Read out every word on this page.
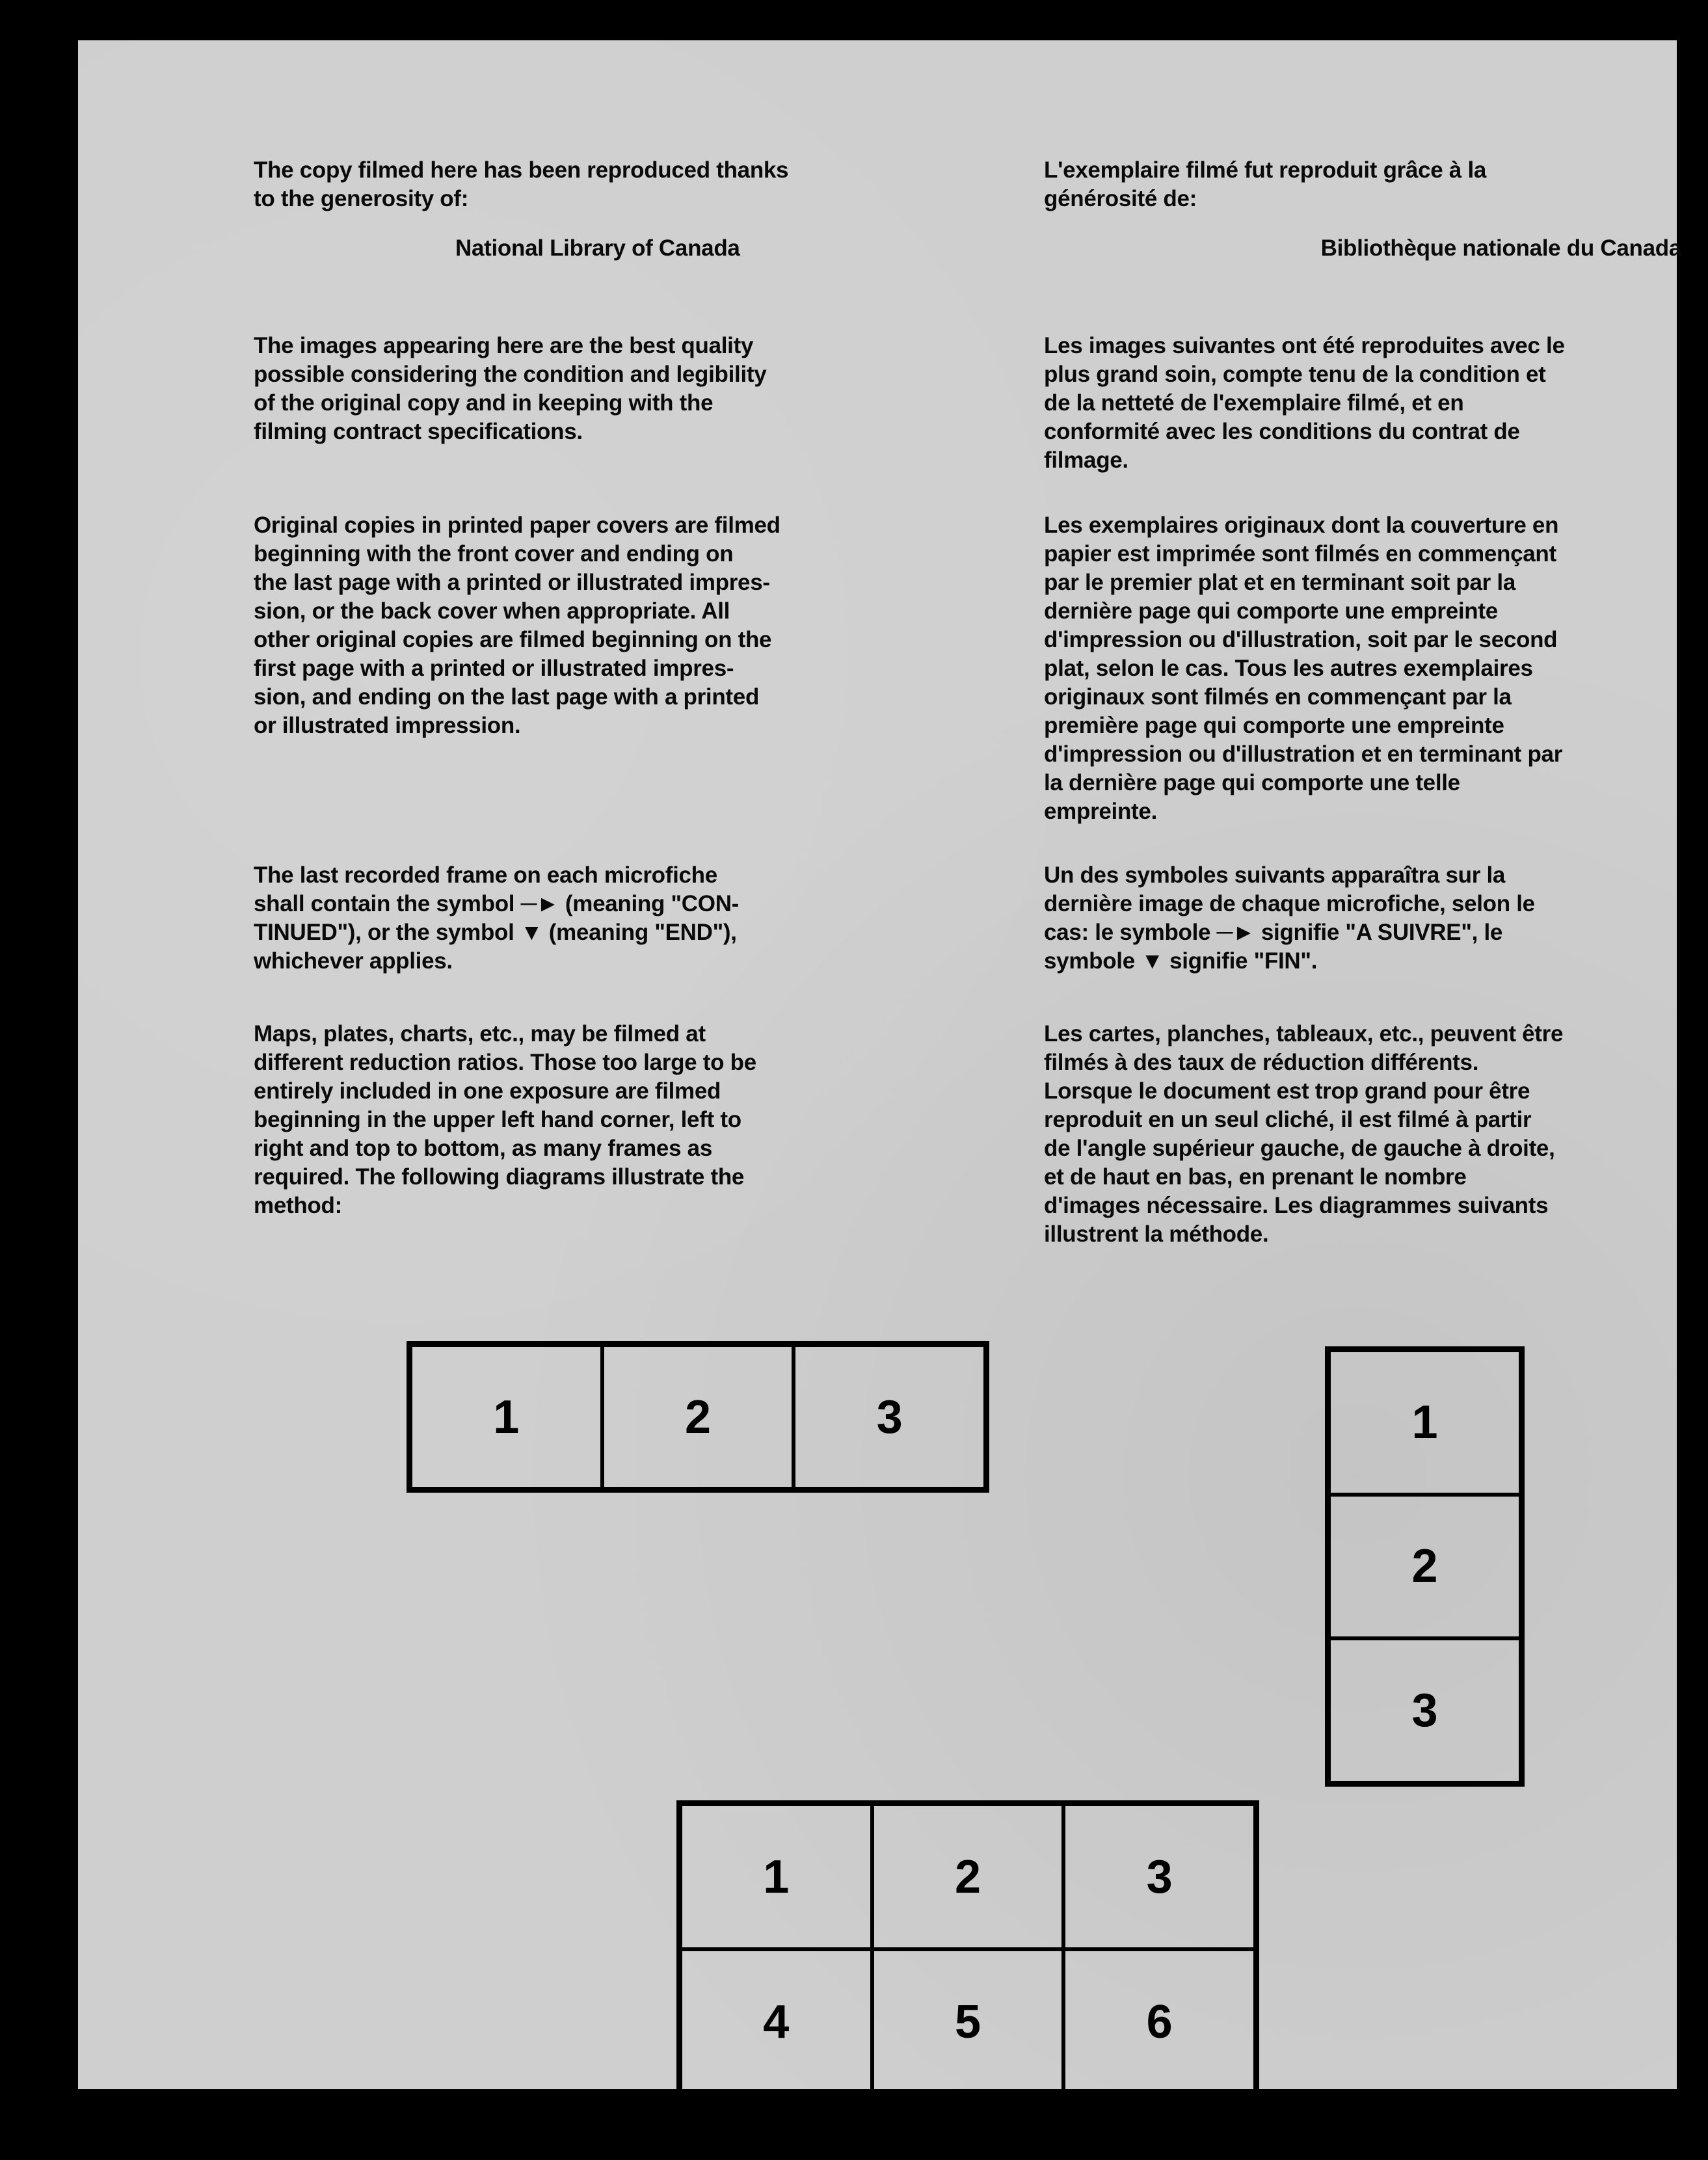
The copy filmed here has been reproduced thanks

to the generosity of:

National Library of Canada

The images appearing here are the best quality
possible considering the condition and legibility
of the original copy and in keeping with the
filming contract specifications.

Original copies in printed paper covers are filmed
beginning with the front cover and ending on
the last page with a printed or illustrated impres-
sion, or the back cover when appropriate. All
other original copies are filmed beginning on the
first page with a printed or illustrated impres-
sion, and ending on the last page with a printed
or illustrated impression.

The last recorded frame on each microfiche
shall contain the symbol ─► (meaning "CON-
TINUED"), or the symbol ▼ (meaning "END"),
whichever applies.

Maps, plates, charts, etc., may be filmed at
different reduction ratios. Those too large to be
entirely included in one exposure are filmed
beginning in the upper left hand corner, left to
right and top to bottom, as many frames as
required. The following diagrams illustrate the
method:

L'exemplaire filmé fut reproduit grâce à la

générosité de:

Bibliothèque nationale du Canada

Les images suivantes ont été reproduites avec le
plus grand soin, compte tenu de la condition et
de la netteté de l'exemplaire filmé, et en
conformité avec les conditions du contrat de
filmage.

Les exemplaires originaux dont la couverture en
papier est imprimée sont filmés en commençant
par le premier plat et en terminant soit par la
dernière page qui comporte une empreinte
d'impression ou d'illustration, soit par le second
plat, selon le cas. Tous les autres exemplaires
originaux sont filmés en commençant par la
première page qui comporte une empreinte
d'impression ou d'illustration et en terminant par
la dernière page qui comporte une telle
empreinte.

Un des symboles suivants apparaîtra sur la
dernière image de chaque microfiche, selon le
cas: le symbole ─► signifie "A SUIVRE", le
symbole ▼ signifie "FIN".

Les cartes, planches, tableaux, etc., peuvent être
filmés à des taux de réduction différents.
Lorsque le document est trop grand pour être
reproduit en un seul cliché, il est filmé à partir
de l'angle supérieur gauche, de gauche à droite,
et de haut en bas, en prenant le nombre
d'images nécessaire. Les diagrammes suivants
illustrent la méthode.

1	2	3	1
2
3
1	2	3
4	5	6
